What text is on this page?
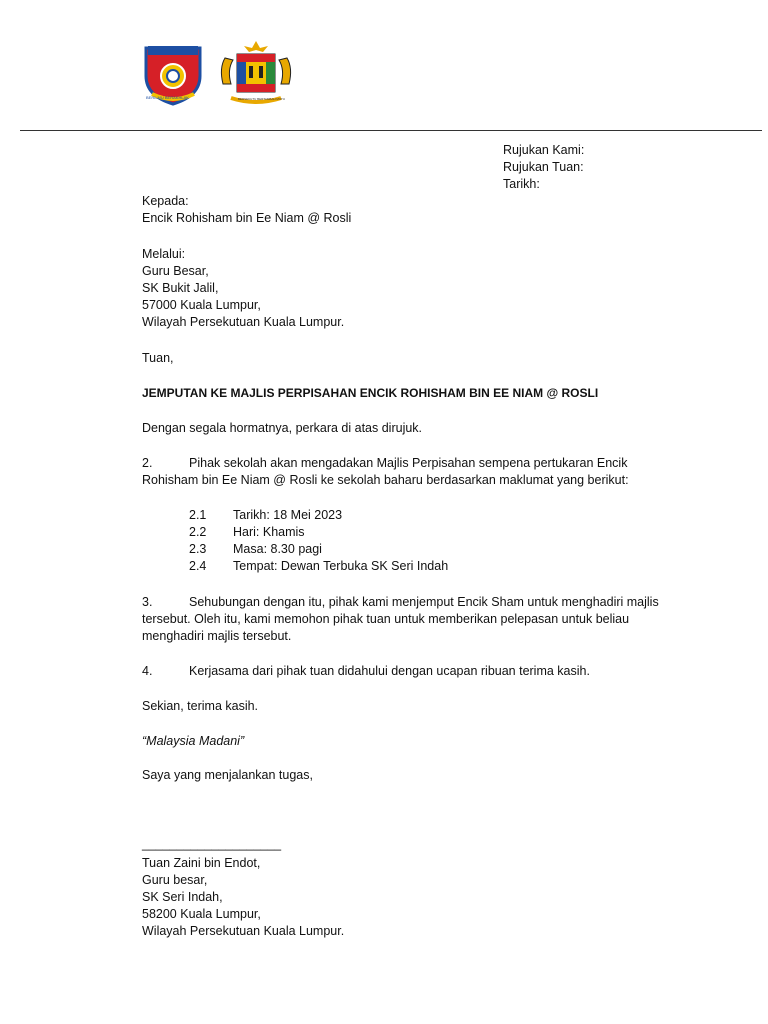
SK SERI INDAH
BERILMU BERAKHLAK	BERSEKUTU BERTAMBAH MUTU
Rujukan Kami:
Rujukan Tuan:
Tarikh:
Kepada:
Encik Rohisham bin Ee Niam @ Rosli
Melalui:
Guru Besar,
SK Bukit Jalil,
57000 Kuala Lumpur,
Wilayah Persekutuan Kuala Lumpur.
Tuan,
JEMPUTAN KE MAJLIS PERPISAHAN ENCIK ROHISHAM BIN EE NIAM @ ROSLI
Dengan segala hormatnya, perkara di atas dirujuk.
2.	Pihak sekolah akan mengadakan Majlis Perpisahan sempena pertukaran Encik
Rohisham bin Ee Niam @ Rosli ke sekolah baharu berdasarkan maklumat yang berikut:
2.1 Tarikh: 18 Mei 2023
2.2 Hari: Khamis
2.3 Masa: 8.30 pagi
2.4 Tempat: Dewan Terbuka SK Seri Indah
3.	Sehubungan dengan itu, pihak kami menjemput Encik Sham untuk menghadiri majlis
tersebut. Oleh itu, kami memohon pihak tuan untuk memberikan pelepasan untuk beliau
menghadiri majlis tersebut.
4.	Kerjasama dari pihak tuan didahului dengan ucapan ribuan terima kasih.
Sekian, terima kasih.
“Malaysia Madani”
Saya yang menjalankan tugas,
____________________
Tuan Zaini bin Endot,
Guru besar,
SK Seri Indah,
58200 Kuala Lumpur,
Wilayah Persekutuan Kuala Lumpur.
